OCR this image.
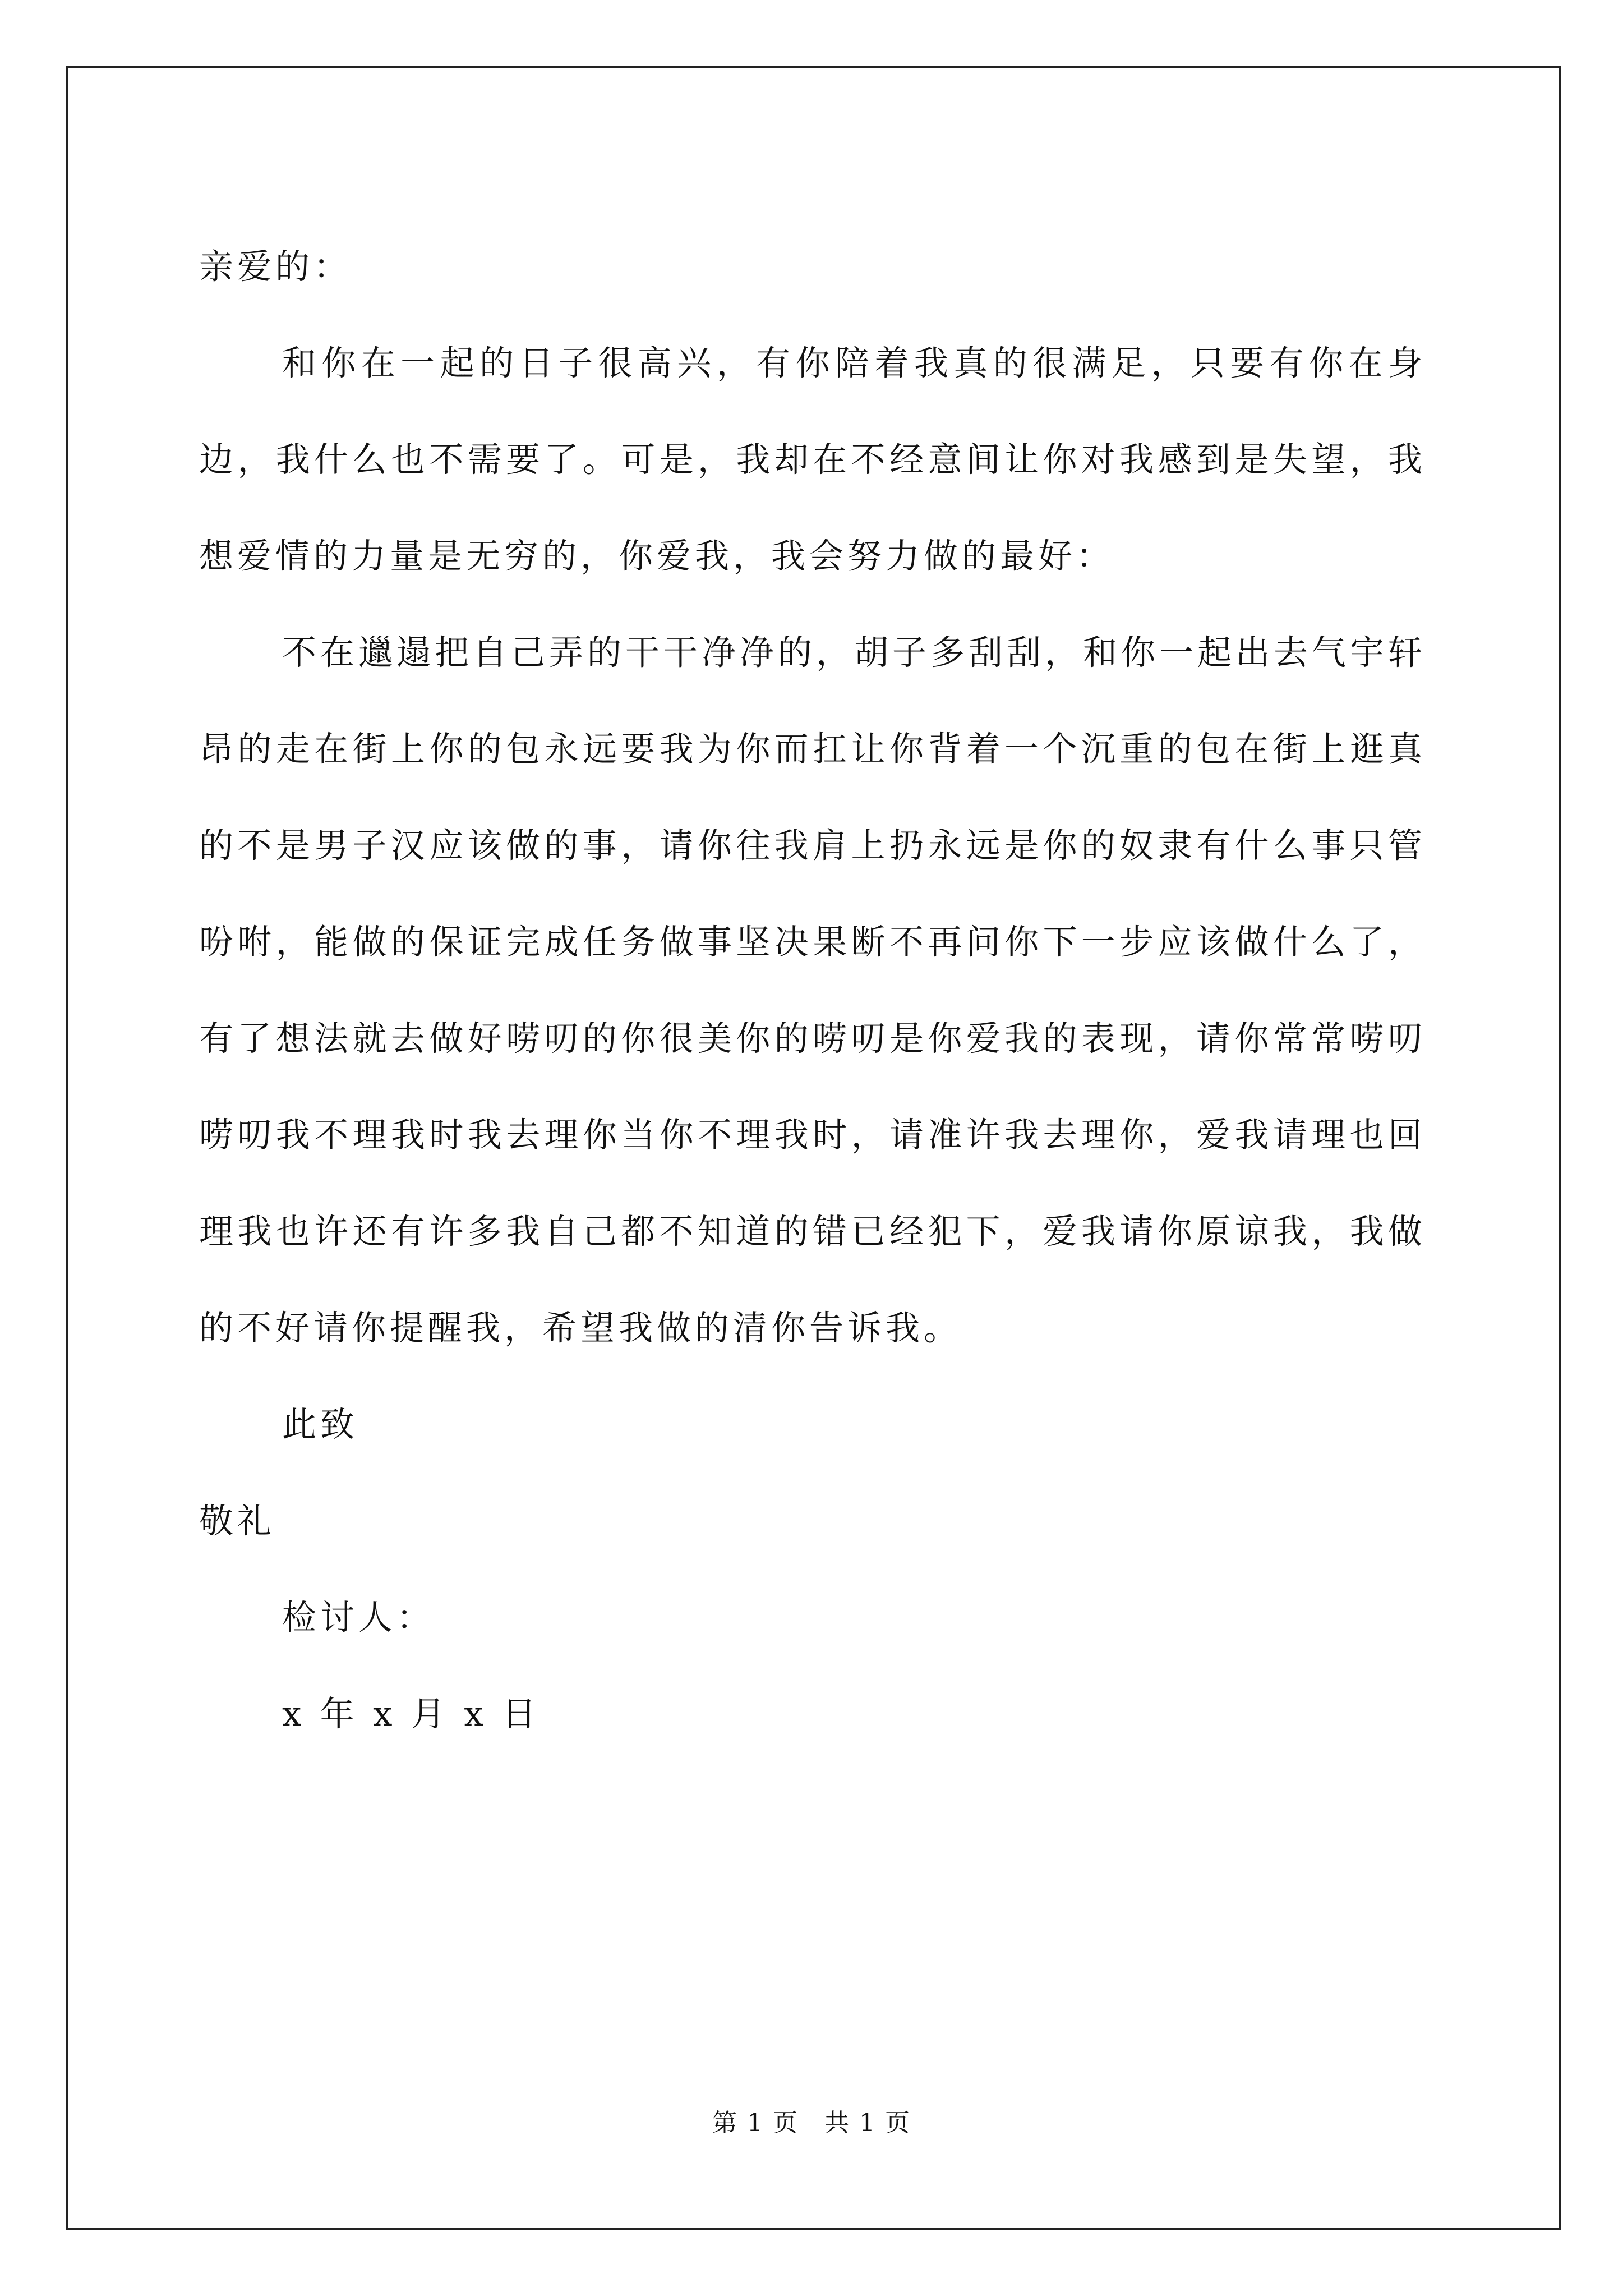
亲爱的：

和你在一起的日子很高兴，有你陪着我真的很满足，只要有你在身边，我什么也不需要了。可是，我却在不经意间让你对我感到是失望，我想爱情的力量是无穷的，你爱我，我会努力做的最好：

不在邋遢把自己弄的干干净净的，胡子多刮刮，和你一起出去气宇轩昂的走在街上你的包永远要我为你而扛让你背着一个沉重的包在街上逛真的不是男子汉应该做的事，请你往我肩上扔永远是你的奴隶有什么事只管吩咐，能做的保证完成任务做事坚决果断不再问你下一步应该做什么了，有了想法就去做好唠叨的你很美你的唠叨是你爱我的表现，请你常常唠叨唠叨我不理我时我去理你当你不理我时，请准许我去理你，爱我请理也回理我也许还有许多我自己都不知道的错已经犯下，爱我请你原谅我，我做的不好请你提醒我，希望我做的清你告诉我。

此致
敬礼
检讨人：
x 年 x 月 x 日
第 1 页　共 1 页
